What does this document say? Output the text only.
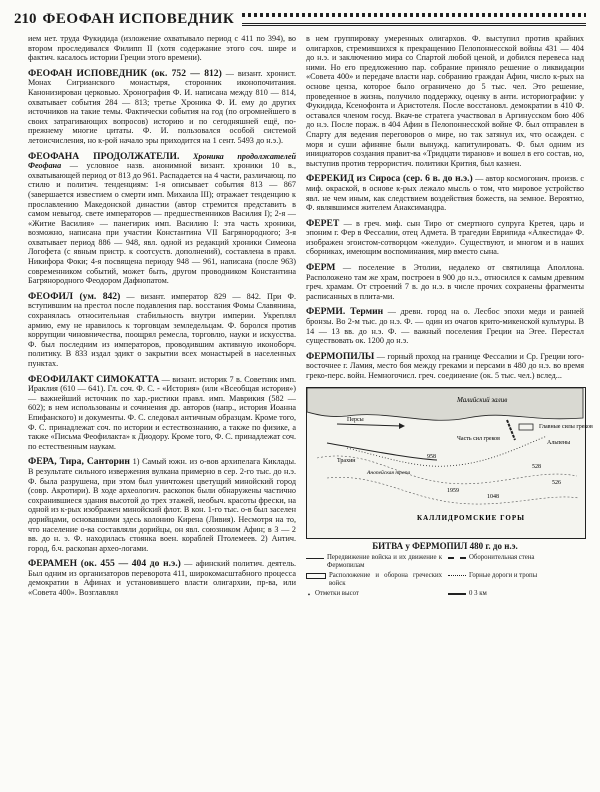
210 ФЕОФАН ИСПОВЕДНИК

ием нет. труда Фукидида (изложение охватывало период с 411 по 394), во втором проследивался Филипп II (хотя содержание этого соч. шире и фактич. касалось истории Греции этого времени).

ФЕОФАН ИСПОВЕДНИК (ок. 752 — 812) — визант. хронист. Монах Сигрианского монастыря, сторонник иконопочитания. Канонизирован церковью. Хронография Ф. И. написана между 810 — 814, охватывает события 284 — 813; третье Хроника Ф. И. ему до других источников на такие темы. Фактически события на год (по огромнейшего в своих затрагивающих вопросов) историю и по сегодняшней ещё, по-прежнему многие цитаты. Ф. И. пользовался особой системой летоисчисления, но к-рой начало эры приходится на 1 сент. 5493 до н.э.).

ФЕОФАНА ПРОДОЛЖАТЕЛИ. Хроника продолжателей Феофана — условное назв. анонимной визант. хроники 10 в., охватывающей период от 813 до 961. Распадается на 4 части, различающ. по стилю и политич. тенденциям: 1-я описывает события 813 — 867 (завершается известием о смерти имп. Михаила III); отражает тенденцию к прославлению Македонской династии (автор стремится представить в самом невыгод. свете императоров — предшественников Василия I); 2-я — «Житие Василия» — панегирик имп. Василию I: эта часть хроники, возможно, написана при участии Константина VII Багрянородного; 3-я охватывает период 886 — 948, явл. одной из редакций хроники Симеона Логофета (с явным пристр. к соотсуств. дополнений), составлена в правл. Никифора Фоки; 4-я посвящена периоду 948 — 961, написана (после 963) современником событий, может быть, другом проводником Константина Багрянородного Феодором Дафнопатом.

ФЕОФИЛ (ум. 842) — визант. император 829 — 842. При Ф. вступившим на престол после подавления пар. восстания Фомы Славянина, сохранялась относительная стабильность внутри империи. Укреплял армию, ему не нравилось к торговцам земледельцам. Ф. боролся против коррупции чиновничества, поощрял ремесла, торговлю, науки и искусства. Ф. был последним из императоров, проводившим активную иконоборч. политику. В 833 издал эдикт о закрытии всех монастырей в населенных пунктах.

ФЕОФИЛАКТ СИМОКАТТА — визант. историк 7 в. Советник имп. Ираклия (610 — 641). Гл. соч. Ф. С. - «История» (или «Всеобщая история») — важнейший источник по хар.-ристики правл. имп. Маврикия (582 — 602); в нем использованы и сочинения др. авторов (напр., история Иоанна Епифанского) и документы. Ф. С. следовал античным образцам. Кроме того, Ф. С. принадлежат соч. по истории и естествознанию, а также по физике, а также «Письма Феофилакта» к Диодору. Кроме того, Ф. С. принадлежат соч. по естественным наукам.

ФЕРА, Тира, Санторин 1) Самый южн. из о-вов архипелага Киклады. В результате сильного извержения вулкана примерно в сер. 2-го тыс. до н.э. Ф. была разрушена, при этом был уничтожен цветущий минойский город (совр. Акротири). В ходе археологич. раскопок были обнаружены частично сохранившиеся здания высотой до трех этажей, необыч. красоты фрески, на одной из к-рых изображен минойский флот. В кон. 1-го тыс. о-в был заселен дорийцами, основавшими здесь колонию Кирена (Ливия). Несмотря на то, что население о-ва составляли дорийцы, он явл. союзником Афин; в 3 — 2 вв. до н. э. Ф. находилась стоянка воен. кораблей Птолемеев. 2) Антич. город, б.ч. раскопан архео-логами.

ФЕРАМЕН (ок. 455 — 404 до н.э.) — афинский политич. деятель. Был одним из организаторов переворота 411, широкомасштабного процесса демократии в Афинах и установившего власти олигархии, пр-ва, или «Совета 400». Возглавлял

в нем группировку умеренных олигархов. Ф. выступил против крайних олигархов, стремившихся к прекращению Пелопоннесской войны 431 — 404 до н.э. и заключению мира со Спартой любой ценой, и добился перевеса над ними. Но его предложению пар. собрание приняло решение о ликвидации «Совета 400» и передаче власти нар. собранию граждан Афин, число к-рых на основе ценза, которое было ограничено до 5 тыс. чел. Это решение, проведенное в жизнь, получило поддержку, оценку в анти. историографии: у Фукидида, Ксенофонта и Аристотеля. После восстановл. демократии в 410 Ф. оставался членом госуд. Вкач-ве стратега участвовал в Аргинусском бою 406 до н.э. После пораж. в 404 Афин в Пелопоннесской войне Ф. был отправлен в Спарту для ведения переговоров о мире, но так затянул их, что осажден. с моря и суши афиняне были вынужд. капитулировать. Ф. был одним из инициаторов создания правит-ва «Тридцати тиранов» и вошел в его состав, но, выступив против террористич. политики Крития, был казнен.

ФЕРЕКИД из Сироса (сер. 6 в. до н.э.) — автор космогонич. произв. с миф. окраской, в основе к-рых лежало мысль о том, что мировое устройство явл. не чем иным, как следствием воздействия божеств, на земное. Вероятно, Ф. являвшимся жителем Анаксимандра.

ФЕРЕТ — в греч. миф. сын Тиро от смертного супруга Кретея, царь и эпоним г. Фер в Фессалии, отец Адмета. В трагедии Еврипида «Алкестида» Ф. изображен эгоистом-сотворцом «желуди». Существуют, и многом и в наших сборниках, имеющим воспоминания, мир вместо сына.

ФЕРМ — поселение в Этолии, недалеко от святилища Аполлона. Расположено там же храм, построен в 900 до н.э., относился к самым древним греч. храмам. От строений 7 в. до н.э. в числе прочих сохранены фрагменты расписанных в плита-ми.

ФЕРМИ. Термин — древн. город на о. Лесбос эпохи меди и ранней бронзы. Во 2-м тыс. до н.э. Ф. — один из очагов крито-микенской культуры. В 14 — 13 вв. до н.э. Ф. — важный поселения Греции на Эгее. Перестал существовать ок. 1200 до н.э.

ФЕРМОПИЛЫ — горный проход на границе Фессалии и Ср. Греции юго-восточнее г. Ламия, место боя между греками и персами в 480 до н.э. во время греко-перс. войн. Немногочисл. греч. соединение (ок. 5 тыс. чел.) вслед...

Малийский залив
Главные силы греков
Персы
Часть сил греков
Альпены
Трахин
Анопейская тропа
КАЛЛИДРОМСКИЕ ГОРЫ
1959
1048
528
958
526
БИТВА у ФЕРМОПИЛ 480 г. до н.э.
Передвижение войска и их движение к Фермопилам
Оборонительная стена
Расположение и оборона греческих войск
Горные дороги и тропы
• Отметки высот	0 3 км
